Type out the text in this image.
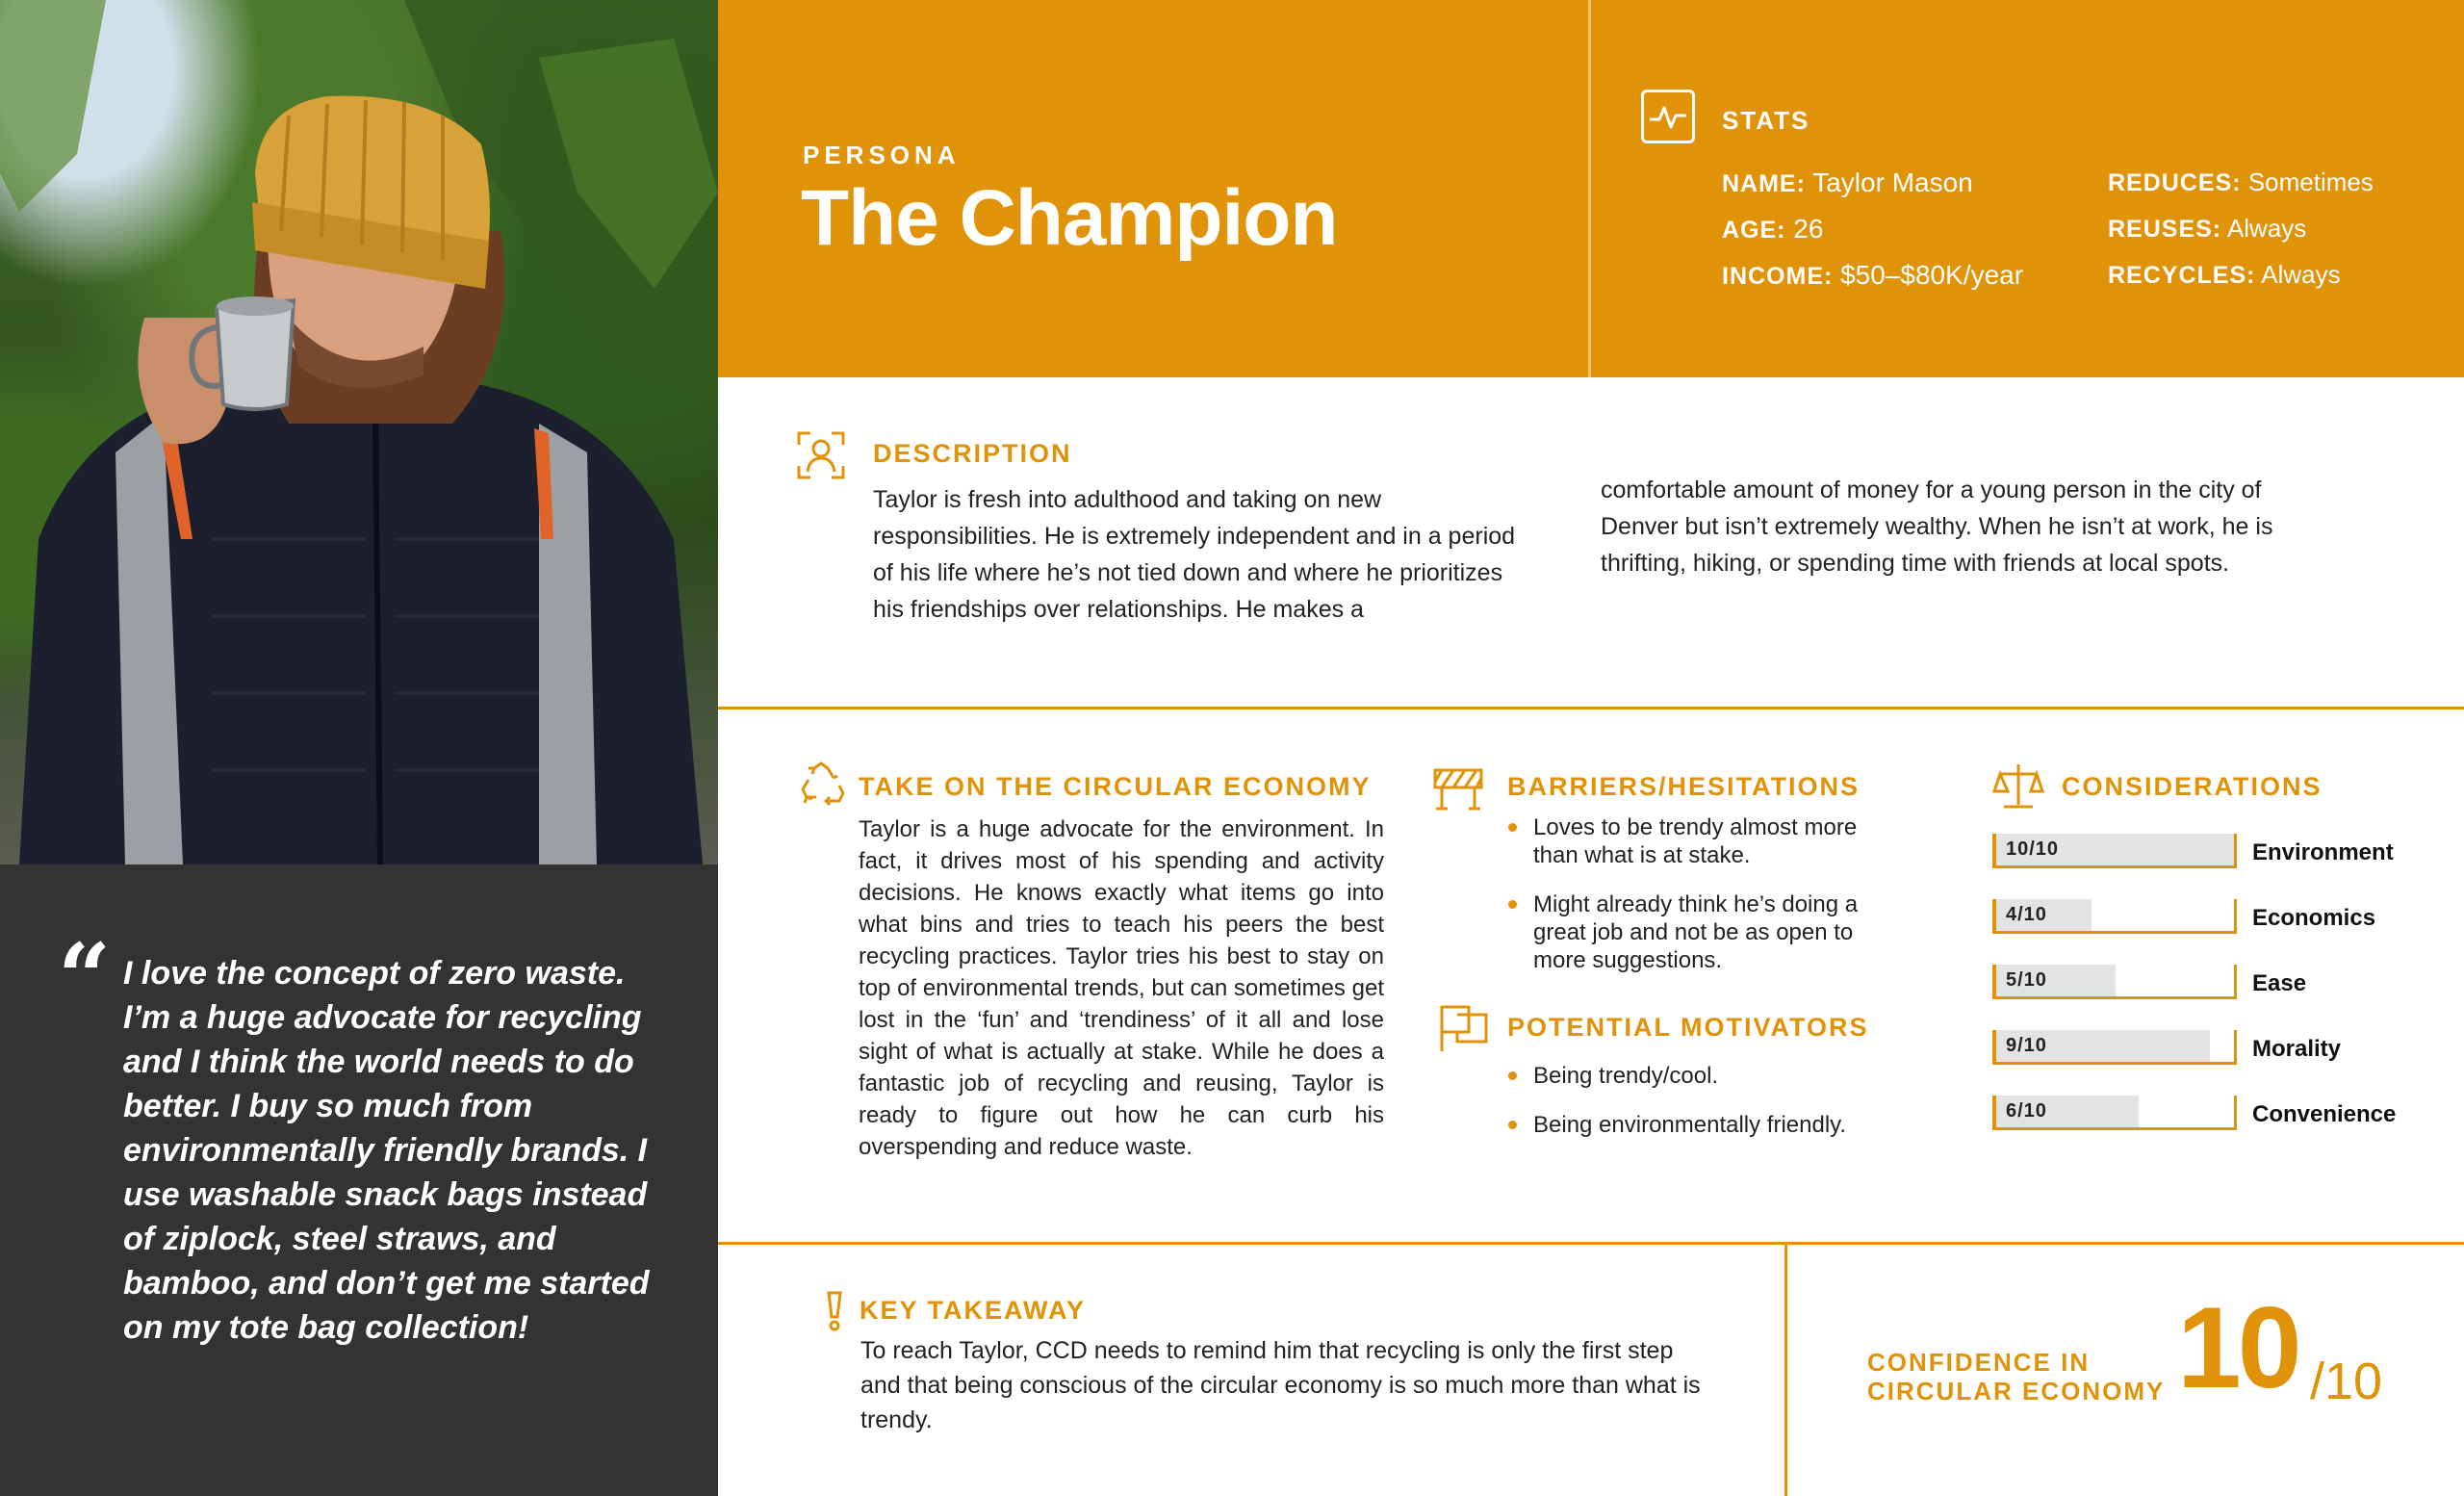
“ I love the concept of zero waste. I’m a huge advocate for recycling and I think the world needs to do better. I buy so much from environmentally friendly brands. I use washable snack bags instead of ziplock, steel straws, and bamboo, and don’t get me started on my tote bag collection!
PERSONA
The Champion
STATS
NAME: Taylor Mason
AGE: 26
INCOME: $50–$80K/year
REDUCES: Sometimes
REUSES: Always
RECYCLES: Always
DESCRIPTION
Taylor is fresh into adulthood and taking on new responsibilities. He is extremely independent and in a period of his life where he’s not tied down and where he prioritizes his friendships over relationships. He makes a
comfortable amount of money for a young person in the city of Denver but isn’t extremely wealthy. When he isn’t at work, he is thrifting, hiking, or spending time with friends at local spots.
TAKE ON THE CIRCULAR ECONOMY
Taylor is a huge advocate for the environment. In fact, it drives most of his spending and activity decisions. He knows exactly what items go into what bins and tries to teach his peers the best recycling practices. Taylor tries his best to stay on top of environmental trends, but can sometimes get lost in the ‘fun’ and ‘trendiness’ of it all and lose sight of what is actually at stake. While he does a fantastic job of recycling and reusing, Taylor is ready to figure out how he can curb his overspending and reduce waste.
BARRIERS/HESITATIONS
Loves to be trendy almost more than what is at stake.
Might already think he’s doing a great job and not be as open to more suggestions.
POTENTIAL MOTIVATORS
Being trendy/cool.
Being environmentally friendly.
CONSIDERATIONS
10/10	Environment
4/10	Economics
5/10	Ease
9/10	Morality
6/10	Convenience
KEY TAKEAWAY
To reach Taylor, CCD needs to remind him that recycling is only the first step and that being conscious of the circular economy is so much more than what is trendy.
CONFIDENCE IN
CIRCULAR ECONOMY 10 /10
